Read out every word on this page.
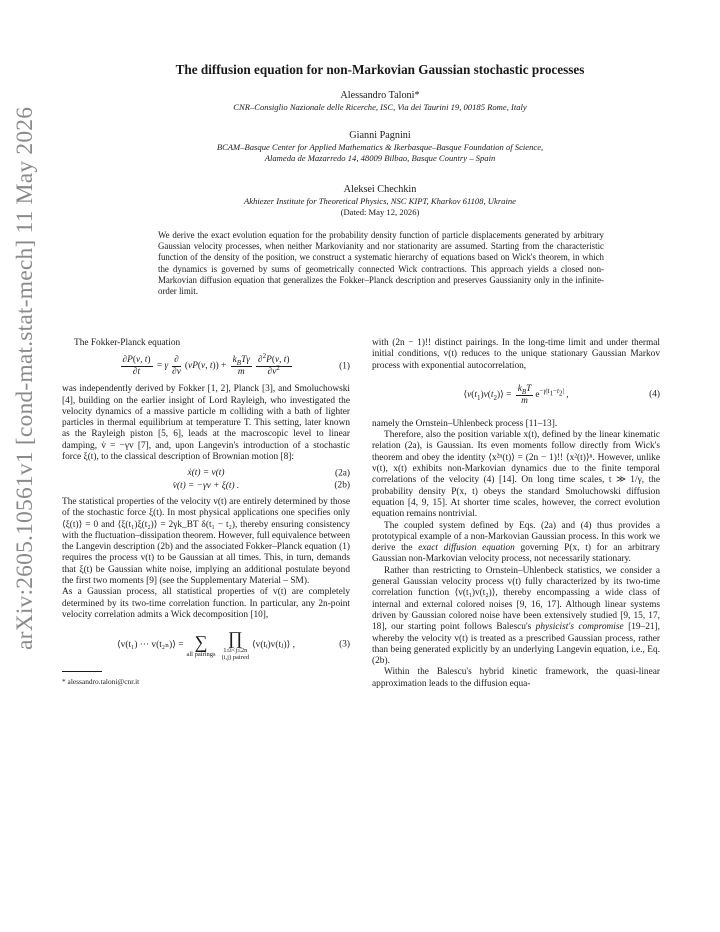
arXiv:2605.10561v1 [cond-mat.stat-mech] 11 May 2026
The diffusion equation for non-Markovian Gaussian stochastic processes
Alessandro Taloni*
CNR–Consiglio Nazionale delle Ricerche, ISC, Via dei Taurini 19, 00185 Rome, Italy
Gianni Pagnini
BCAM–Basque Center for Applied Mathematics & Ikerbasque–Basque Foundation of Science,
Alameda de Mazarredo 14, 48009 Bilbao, Basque Country – Spain
Aleksei Chechkin
Akhiezer Institute for Theoretical Physics, NSC KIPT, Kharkov 61108, Ukraine
(Dated: May 12, 2026)
We derive the exact evolution equation for the probability density function of particle displacements generated by arbitrary Gaussian velocity processes, when neither Markovianity and nor stationarity are assumed. Starting from the characteristic function of the density of the position, we construct a systematic hierarchy of equations based on Wick's theorem, in which the dynamics is governed by sums of geometrically connected Wick contractions. This approach yields a closed non-Markovian diffusion equation that generalizes the Fokker–Planck description and preserves Gaussianity only in the infinite-order limit.

The Fokker-Planck equation

$\frac{\partial P(v, t)}{\partial t} = \gamma \frac{\partial}{\partial v} (vP(v$, $t)) + \frac{k_BT\gamma}{m} \frac{\partial^2P(v, t)}{\partial v^2}$	(1)

was independently derived by Fokker [1, 2], Planck [3], and Smoluchowski [4], building on the earlier insight of Lord Rayleigh, who investigated the velocity dynamics of a massive particle m colliding with a bath of lighter particles in thermal equilibrium at temperature T. This setting, later known as the Rayleigh piston [5, 6], leads at the macroscopic level to linear damping, v̇ = −γv [7], and, upon Langevin's introduction of a stochastic force ξ(t), to the classical description of Brownian motion [8]:

ẋ(t) = v(t)	(2a)
v̇(t) = −γv + ξ(t) .	(2b)

The statistical properties of the velocity v(t) are entirely determined by those of the stochastic force ξ(t). In most physical applications one specifies only ⟨ξ(t)⟩ = 0 and ⟨ξ(t₁)ξ(t₂)⟩ = 2γk_BT δ(t₁ − t₂), thereby ensuring consistency with the fluctuation–dissipation theorem. However, full equivalence between the Langevin description (2b) and the associated Fokker–Planck equation (1) requires the process v(t) to be Gaussian at all times. This, in turn, demands that ξ(t) be Gaussian white noise, implying an additional postulate beyond the first two moments [9] (see the Supplementary Material – SM).

As a Gaussian process, all statistical properties of v(t) are completely determined by its two-time correlation function. In particular, any 2n-point velocity correlation admits a Wick decomposition [10],

⟨v(t₁) ··· v(t₂ₙ)⟩ = ∑
all pairings
∏
1≤i<j≤2n
(i,j) paired
⟨v(tᵢ)v(tⱼ)⟩ ,	(3)
* alessandro.taloni@cnr.it

with (2n − 1)!! distinct pairings. In the long-time limit and under thermal initial conditions, v(t) reduces to the unique stationary Gaussian Markov process with exponential autocorrelation,

$⟨v(t_1)v(t_2)⟩ = \frac{k_BT}{m} e^{-\gamma|t_1-t_2|}$ ,	(4)

namely the Ornstein–Uhlenbeck process [11–13].

Therefore, also the position variable x(t), defined by the linear kinematic relation (2a), is Gaussian. Its even moments follow directly from Wick's theorem and obey the identity ⟨x²ⁿ(t)⟩ = (2n − 1)!! ⟨x²(t)⟩ⁿ. However, unlike v(t), x(t) exhibits non-Markovian dynamics due to the finite temporal correlations of the velocity (4) [14]. On long time scales, t ≫ 1/γ, the probability density P(x, t) obeys the standard Smoluchowski diffusion equation [4, 9, 15]. At shorter time scales, however, the correct evolution equation remains nontrivial.

The coupled system defined by Eqs. (2a) and (4) thus provides a prototypical example of a non-Markovian Gaussian process. In this work we derive the exact diffusion equation governing P(x, t) for an arbitrary Gaussian non-Markovian velocity process, not necessarily stationary.

Rather than restricting to Ornstein–Uhlenbeck statistics, we consider a general Gaussian velocity process v(t) fully characterized by its two-time correlation function ⟨v(t₁)v(t₂)⟩, thereby encompassing a wide class of internal and external colored noises [9, 16, 17]. Although linear systems driven by Gaussian colored noise have been extensively studied [9, 15, 17, 18], our starting point follows Balescu's physicist's compromise [19–21], whereby the velocity v(t) is treated as a prescribed Gaussian process, rather than being generated explicitly by an underlying Langevin equation, i.e., Eq. (2b).

Within the Balescu's hybrid kinetic framework, the quasi-linear approximation leads to the diffusion equa-
